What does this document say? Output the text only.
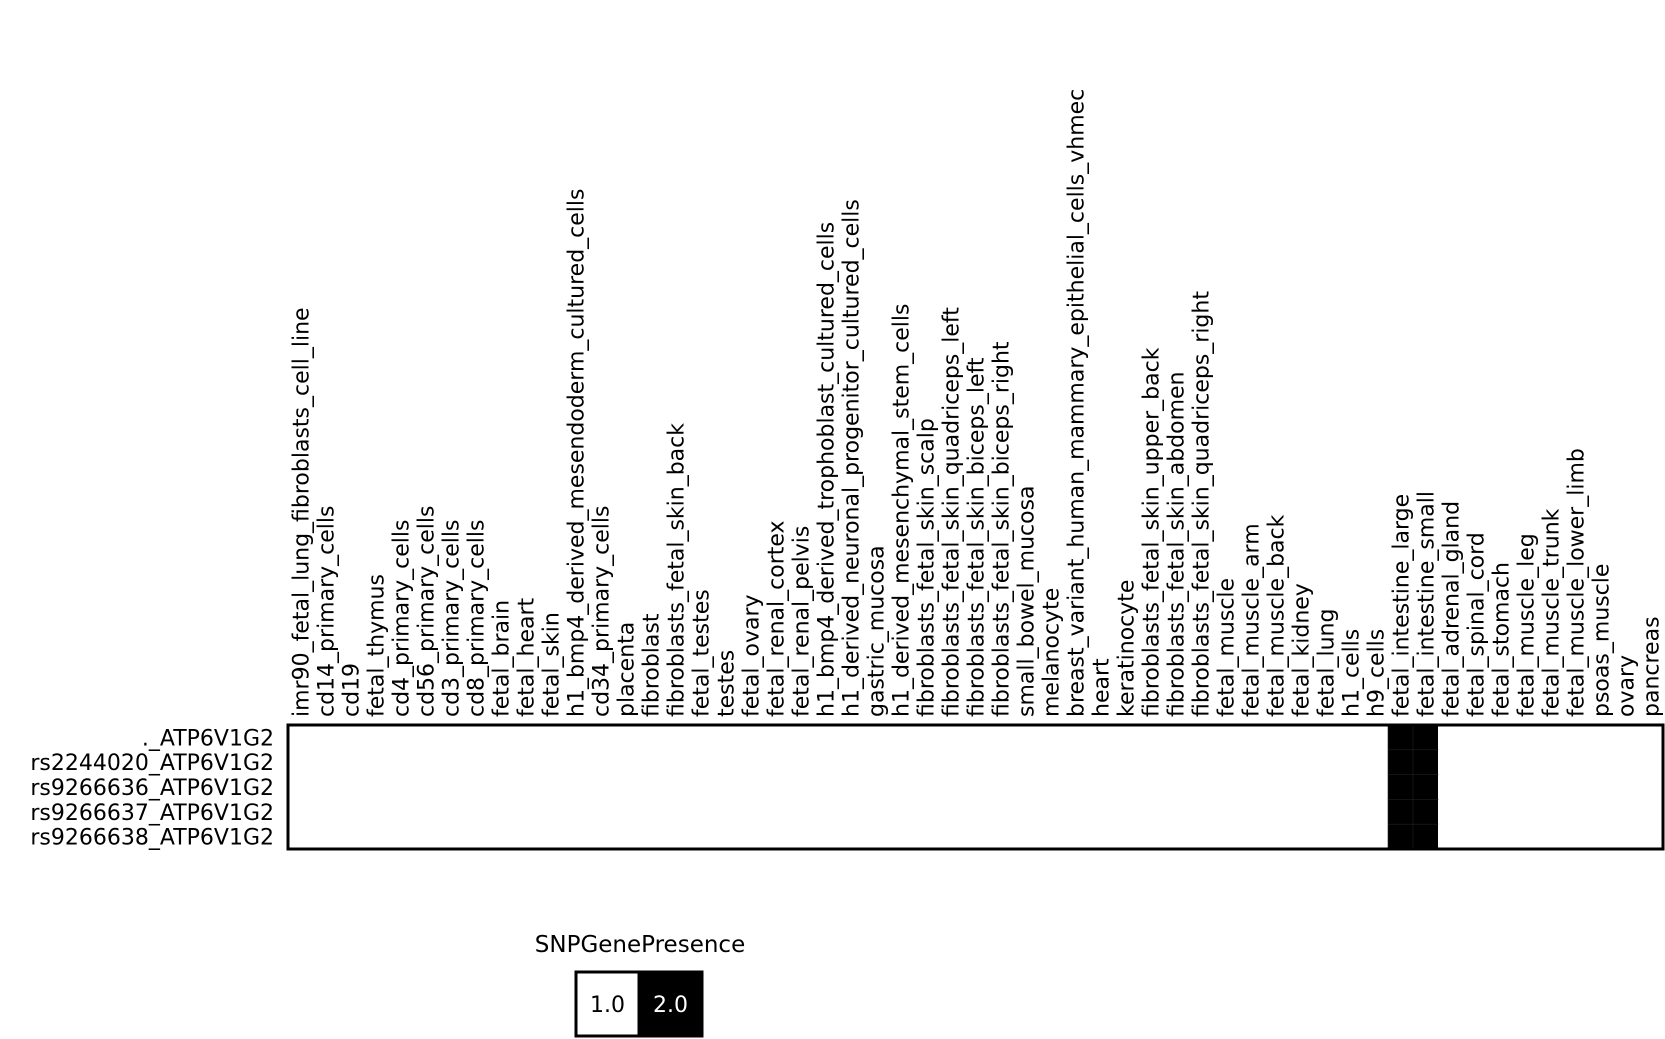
imr90_fetal_lung_fibroblasts_cell_line cd14_primary_cells cd19 fetal_thymus cd4_primary_cells cd56_primary_cells cd3_primary_cells cd8_primary_cells fetal_brain fetal_heart fetal_skin h1_bmp4_derived_mesendoderm_cultured_cells cd34_primary_cells placenta fibroblast fibroblasts_fetal_skin_back fetal_testes testes fetal_ovary fetal_renal_cortex fetal_renal_pelvis h1_bmp4_derived_trophoblast_cultured_cells h1_derived_neuronal_progenitor_cultured_cells gastric_mucosa h1_derived_mesenchymal_stem_cells fibroblasts_fetal_skin_scalp fibroblasts_fetal_skin_quadriceps_left fibroblasts_fetal_skin_biceps_left fibroblasts_fetal_skin_biceps_right small_bowel_mucosa melanocyte breast_variant_human_mammary_epithelial_cells_vhmec heart keratinocyte fibroblasts_fetal_skin_upper_back fibroblasts_fetal_skin_abdomen fibroblasts_fetal_skin_quadriceps_right fetal_muscle fetal_muscle_arm fetal_muscle_back fetal_kidney fetal_lung h1_cells h9_cells fetal_intestine_large fetal_intestine_small fetal_adrenal_gland fetal_spinal_cord fetal_stomach fetal_muscle_leg fetal_muscle_trunk fetal_muscle_lower_limb psoas_muscle ovary pancreas
._ATP6V1G2
rs2244020_ATP6V1G2
rs9266636_ATP6V1G2
rs9266637_ATP6V1G2
rs9266638_ATP6V1G2
SNPGenePresence
1.0 2.0
